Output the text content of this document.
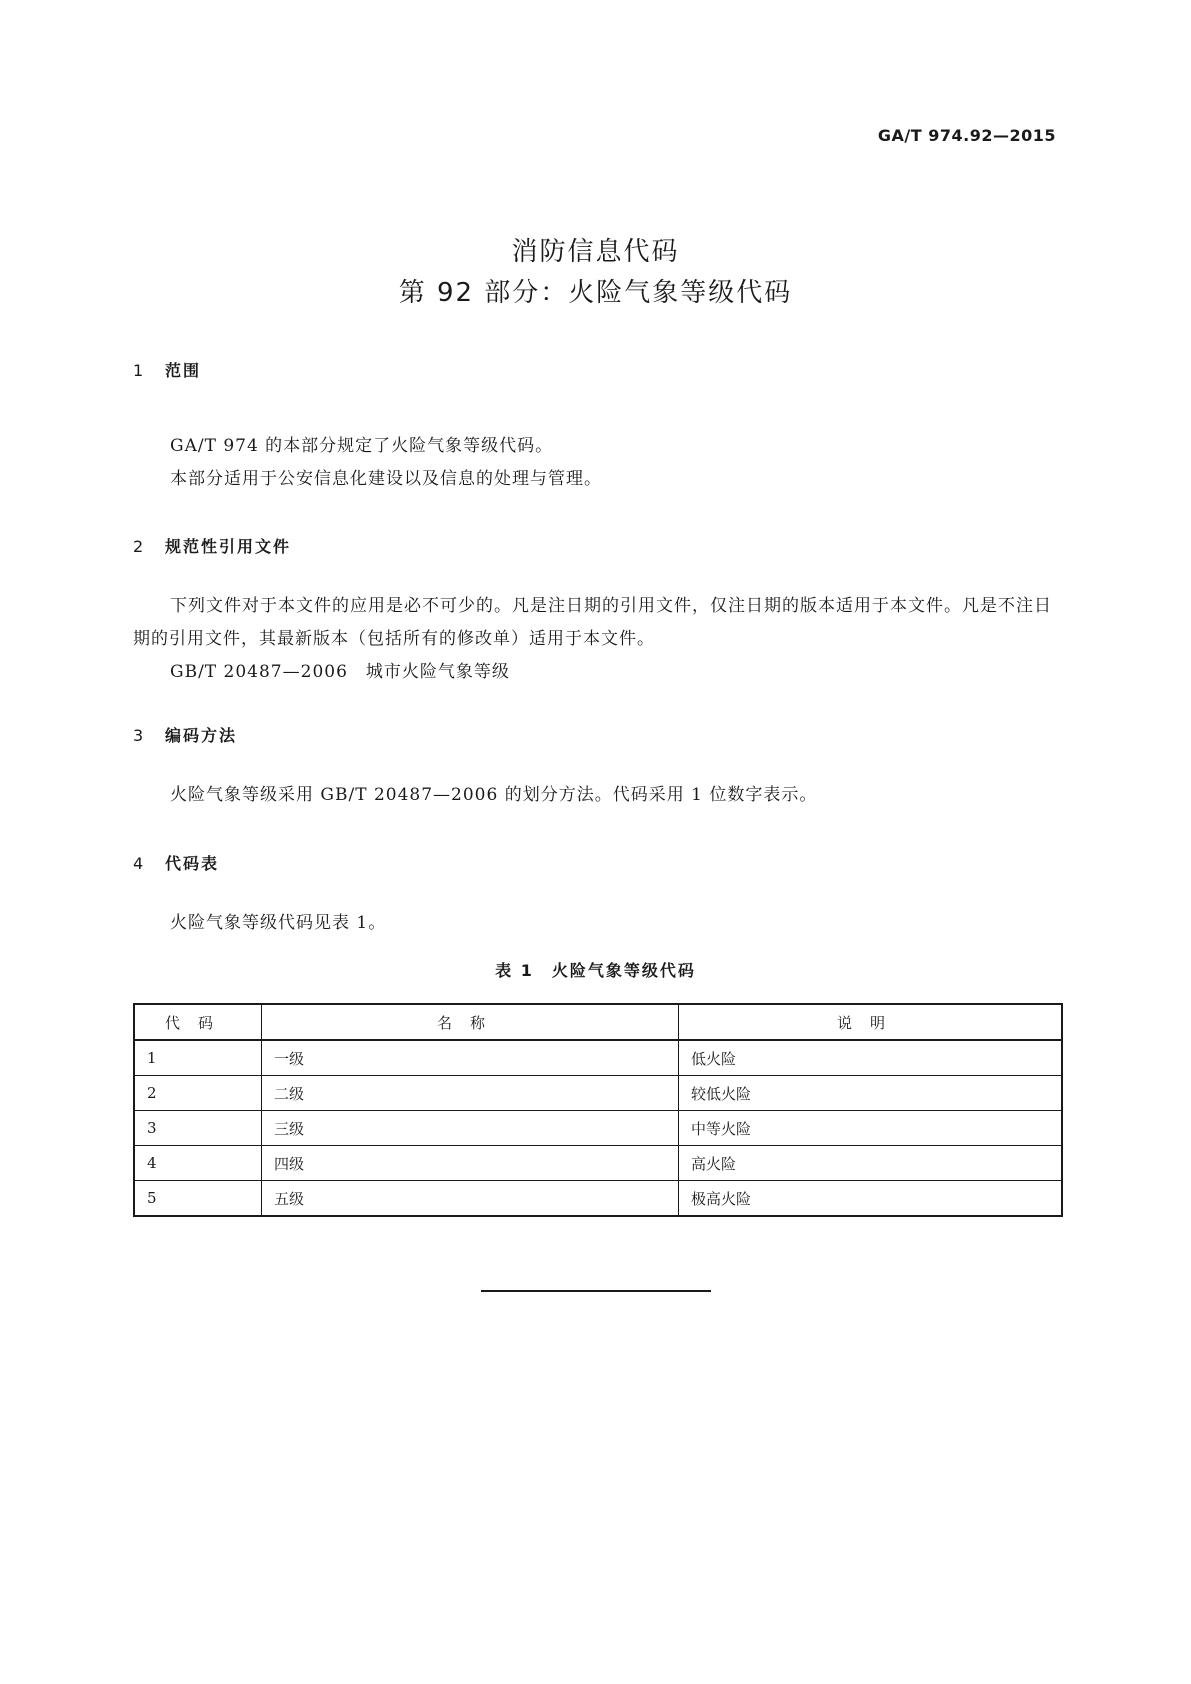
GA/T 974.92—2015
消防信息代码
第 92 部分：火险气象等级代码
1 范围

GA/T 974 的本部分规定了火险气象等级代码。

本部分适用于公安信息化建设以及信息的处理与管理。

2 规范性引用文件

下列文件对于本文件的应用是必不可少的。凡是注日期的引用文件，仅注日期的版本适用于本文件。凡是不注日期的引用文件，其最新版本（包括所有的修改单）适用于本文件。

GB/T 20487—2006　城市火险气象等级

3 编码方法

火险气象等级采用 GB/T 20487—2006 的划分方法。代码采用 1 位数字表示。

4 代码表

火险气象等级代码见表 1。

表 1　火险气象等级代码
代码	名称	说明
1	一级	低火险
2	二级	较低火险
3	三级	中等火险
4	四级	高火险
5	五级	极高火险
